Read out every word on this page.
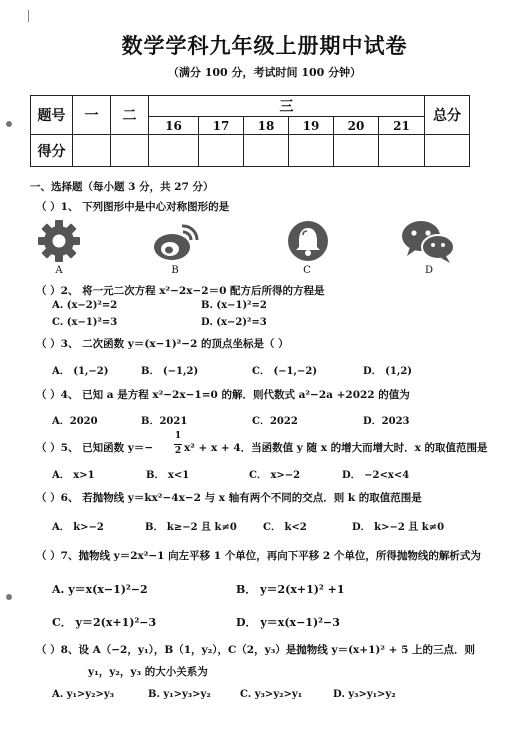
数学学科九年级上册期中试卷
（满分 100 分，考试时间 100 分钟）
题号	一	二	三						总分
			16	17	18	19	20	21	
得分									
一、选择题（每小题 3 分，共 27 分）
（ ）1、 下列图形中是中心对称图形的是
A	B	C	D
（ ）2、 将一元二次方程 x²−2x−2＝0 配方后所得的方程是
A. (x−2)²=2	B. (x−1)²=2
C. (x−1)²=3	D. (x−2)²=3
（ ）3、 二次函数 y＝(x−1)²−2 的顶点坐标是（ ）
A． (1,−2)	B． (−1,2)	C． (−1,−2)	D． (1,2)
（ ）4、 已知 a 是方程 x²−2x−1=0 的解．则代数式 a²−2a +2022 的值为
A．2020	B．2021	C．2022	D．2023
（ ）5、 已知函数 y＝−
1
2 x² + x + 4．当函数值 y 随 x 的增大而增大时．x 的取值范围是
A． x>1	B． x<1	C． x>−2	D． −2<x<4
（ ）6、 若抛物线 y＝kx²−4x−2 与 x 轴有两个不同的交点．则 k 的取值范围是
A． k>−2	B． k≥−2 且 k≠0	C． k<2	D． k>−2 且 k≠0
（ ）7、抛物线 y＝2x²−1 向左平移 1 个单位，再向下平移 2 个单位，所得抛物线的解析式为
A. y＝x(x−1)²−2	B． y＝2(x+1)² +1
C． y＝2(x+1)²−3	D． y＝x(x−1)²−3
（ ）8、设 A（−2，y₁），B（1，y₂），C（2，y₃）是抛物线 y＝(x+1)² + 5 上的三点．则
y₁，y₂，y₃ 的大小关系为
A. y₁>y₂>y₃	B. y₁>y₃>y₂	C. y₃>y₂>y₁	D. y₃>y₁>y₂
